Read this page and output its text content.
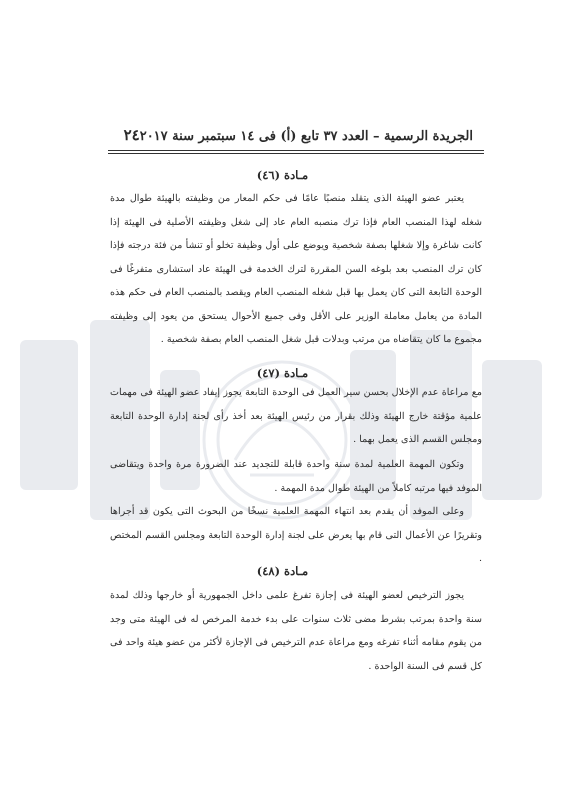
الجريدة الرسمية – العدد ٣٧ تابع (أ) فى ١٤ سبتمبر سنة ٢٠١٧
٢٤
مـادة (٤٦)
يعتبر عضو الهيئة الذى يتقلد منصبًا عامًا فى حكم المعار من وظيفته بالهيئة طوال مدة شغله لهذا المنصب العام فإذا ترك منصبه العام عاد إلى شغل وظيفته الأصلية فى الهيئة إذا كانت شاغرة وإلا شغلها بصفة شخصية ويوضع على أول وظيفة تخلو أو تنشأ من فئة درجته فإذا كان ترك المنصب بعد بلوغه السن المقررة لترك الخدمة فى الهيئة عاد استشارى متفرغًا فى الوحدة التابعة التى كان يعمل بها قبل شغله المنصب العام ويقصد بالمنصب العام فى حكم هذه المادة من يعامل معاملة الوزير على الأقل وفى جميع الأحوال يستحق من يعود إلى وظيفته مجموع ما كان يتقاضاه من مرتب وبدلات قبل شغل المنصب العام بصفة شخصية .
مـادة (٤٧)
مع مراعاة عدم الإخلال بحسن سير العمل فى الوحدة التابعة يجوز إيفاد عضو الهيئة فى مهمات علمية مؤقتة خارج الهيئة وذلك بقرار من رئيس الهيئة بعد أخذ رأى لجنة إدارة الوحدة التابعة ومجلس القسم الذى يعمل بهما .
وتكون المهمة العلمية لمدة سنة واحدة قابلة للتجديد عند الضرورة مرة واحدة ويتقاضى الموفد فيها مرتبه كاملاً من الهيئة طوال مدة المهمة .
وعلى الموفد أن يقدم بعد انتهاء المهمة العلمية نسخًا من البحوث التى يكون قد أجراها وتقريرًا عن الأعمال التى قام بها يعرض على لجنة إدارة الوحدة التابعة ومجلس القسم المختص .
مـادة (٤٨)
يجوز الترخيص لعضو الهيئة فى إجازة تفرغ علمى داخل الجمهورية أو خارجها وذلك لمدة سنة واحدة بمرتب بشرط مضى ثلاث سنوات على بدء خدمة المرخص له فى الهيئة متى وجد من يقوم مقامه أثناء تفرغه ومع مراعاة عدم الترخيص فى الإجازة لأكثر من عضو هيئة واحد فى كل قسم فى السنة الواحدة .
